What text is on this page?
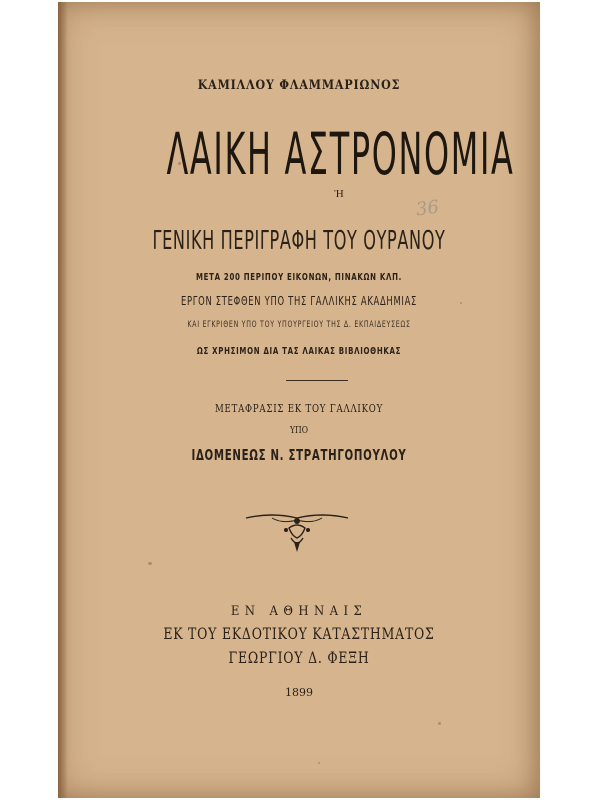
ΚΑΜΙΛΛΟΥ ΦΛΑΜΜΑΡΙΩΝΟΣ
ΛΑΙΚΗ ΑΣΤΡΟΝΟΜΙΑ
Ἡ
36
ΓΕΝΙΚΗ ΠΕΡΙΓΡΑΦΗ ΤΟΥ ΟΥΡΑΝΟΥ
ΜΕΤΑ 200 ΠΕΡΙΠΟΥ ΕΙΚΟΝΩΝ, ΠΙΝΑΚΩΝ ΚΛΠ.
ΕΡΓΟΝ ΣΤΕΦΘΕΝ ΥΠΟ ΤΗΣ ΓΑΛΛΙΚΗΣ ΑΚΑΔΗΜΙΑΣ
ΚΑΙ ΕΓΚΡΙΘΕΝ ΥΠΟ ΤΟΥ ΥΠΟΥΡΓΕΙΟΥ ΤΗΣ Δ. ΕΚΠΑΙΔΕΥΣΕΩΣ
ΩΣ ΧΡΗΣΙΜΟΝ ΔΙΑ ΤΑΣ ΛΑΙΚΑΣ ΒΙΒΛΙΟΘΗΚΑΣ
ΜΕΤΑΦΡΑΣΙΣ ΕΚ ΤΟΥ ΓΑΛΛΙΚΟΥ
ΥΠΟ
ΙΔΟΜΕΝΕΩΣ Ν. ΣΤΡΑΤΗΓΟΠΟΥΛΟΥ
ΕΝ ΑΘΗΝΑΙΣ
ΕΚ ΤΟΥ ΕΚΔΟΤΙΚΟΥ ΚΑΤΑΣΤΗΜΑΤΟΣ
ΓΕΩΡΓΙΟΥ Δ. ΦΕΞΗ
1899
